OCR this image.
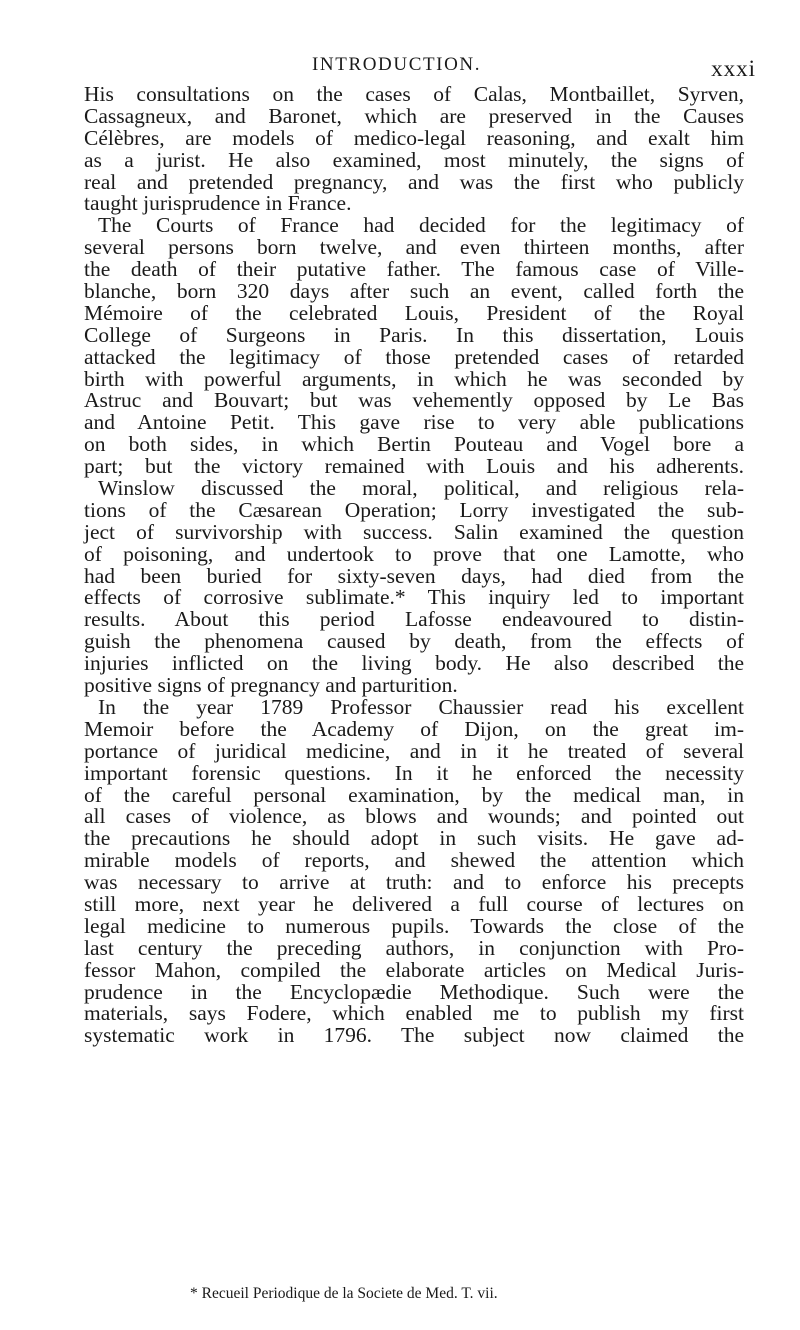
INTRODUCTION.	xxxi
His consultations on the cases of Calas, Montbaillet, Syrven,
Cassagneux, and Baronet, which are preserved in the Causes
Célèbres, are models of medico-legal reasoning, and exalt him
as a jurist. He also examined, most minutely, the signs of
real and pretended pregnancy, and was the first who publicly
taught jurisprudence in France.
The Courts of France had decided for the legitimacy of
several persons born twelve, and even thirteen months, after
the death of their putative father. The famous case of Ville-
blanche, born 320 days after such an event, called forth the
Mémoire of the celebrated Louis, President of the Royal
College of Surgeons in Paris. In this dissertation, Louis
attacked the legitimacy of those pretended cases of retarded
birth with powerful arguments, in which he was seconded by
Astruc and Bouvart; but was vehemently opposed by Le Bas
and Antoine Petit. This gave rise to very able publications
on both sides, in which Bertin Pouteau and Vogel bore a
part; but the victory remained with Louis and his adherents.
Winslow discussed the moral, political, and religious rela-
tions of the Cæsarean Operation; Lorry investigated the sub-
ject of survivorship with success. Salin examined the question
of poisoning, and undertook to prove that one Lamotte, who
had been buried for sixty-seven days, had died from the
effects of corrosive sublimate.* This inquiry led to important
results. About this period Lafosse endeavoured to distin-
guish the phenomena caused by death, from the effects of
injuries inflicted on the living body. He also described the
positive signs of pregnancy and parturition.
In the year 1789 Professor Chaussier read his excellent
Memoir before the Academy of Dijon, on the great im-
portance of juridical medicine, and in it he treated of several
important forensic questions. In it he enforced the necessity
of the careful personal examination, by the medical man, in
all cases of violence, as blows and wounds; and pointed out
the precautions he should adopt in such visits. He gave ad-
mirable models of reports, and shewed the attention which
was necessary to arrive at truth: and to enforce his precepts
still more, next year he delivered a full course of lectures on
legal medicine to numerous pupils. Towards the close of the
last century the preceding authors, in conjunction with Pro-
fessor Mahon, compiled the elaborate articles on Medical Juris-
prudence in the Encyclopædie Methodique. Such were the
materials, says Fodere, which enabled me to publish my first
systematic work in 1796. The subject now claimed the
* Recueil Periodique de la Societe de Med. T. vii.
